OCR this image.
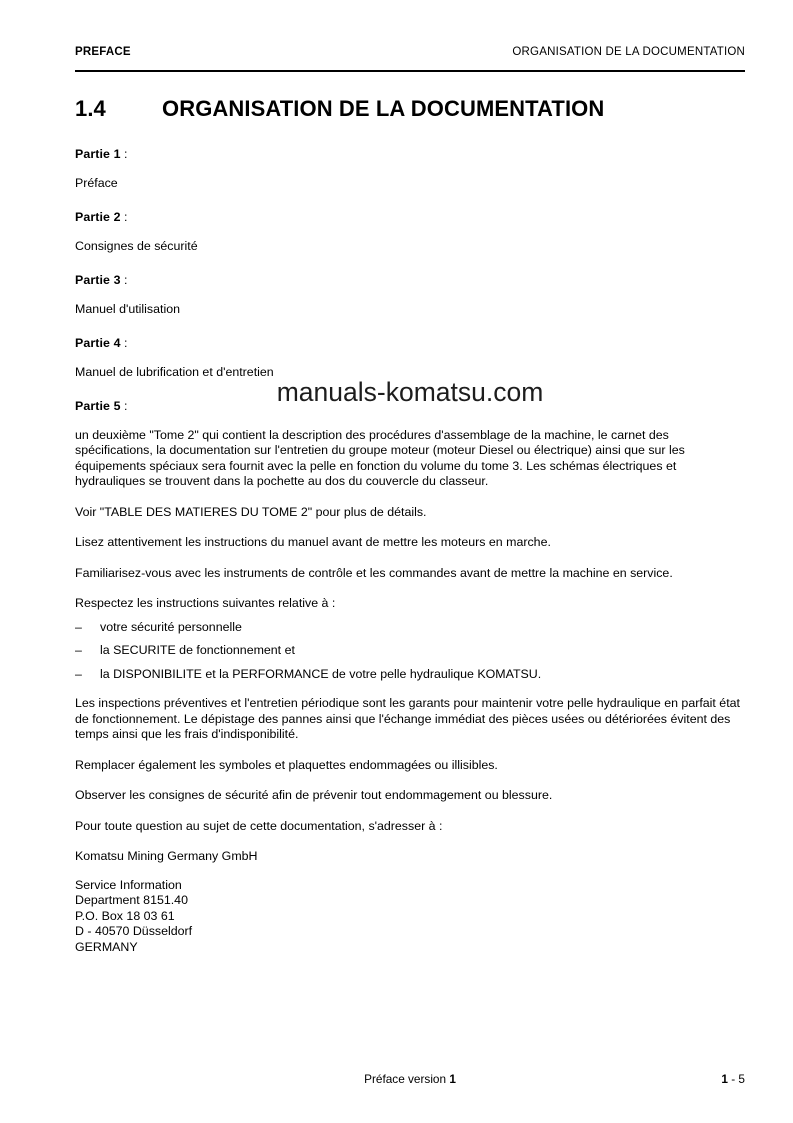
PREFACE	ORGANISATION DE LA DOCUMENTATION
1.4	ORGANISATION DE LA DOCUMENTATION

Partie 1 :

Préface

Partie 2 :

Consignes de sécurité

Partie 3 :

Manuel d'utilisation

Partie 4 :

Manuel de lubrification et d'entretien

Partie 5 :

un deuxième "Tome 2" qui contient la description des procédures d'assemblage de la machine, le carnet des spécifications, la documentation sur l'entretien du groupe moteur (moteur Diesel ou électrique) ainsi que sur les équipements spéciaux sera fournit avec la pelle en fonction du volume du tome 3. Les schémas électriques et hydrauliques se trouvent dans la pochette au dos du couvercle du classeur.

Voir "TABLE DES MATIERES DU TOME 2" pour plus de détails.

Lisez attentivement les instructions du manuel avant de mettre les moteurs en marche.

Familiarisez-vous avec les instruments de contrôle et les commandes avant de mettre la machine en service.

Respectez les instructions suivantes relative à :

–	votre sécurité personnelle
–	la SECURITE de fonctionnement et
–	la DISPONIBILITE et la PERFORMANCE de votre pelle hydraulique KOMATSU.

Les inspections préventives et l'entretien périodique sont les garants pour maintenir votre pelle hydraulique en parfait état de fonctionnement. Le dépistage des pannes ainsi que l'échange immédiat des pièces usées ou détériorées évitent des temps ainsi que les frais d'indisponibilité.

Remplacer également les symboles et plaquettes endommagées ou illisibles.

Observer les consignes de sécurité afin de prévenir tout endommagement ou blessure.

Pour toute question au sujet de cette documentation, s'adresser à :

Komatsu Mining Germany GmbH

Service Information

Department 8151.40

P.O. Box 18 03 61

D - 40570 Düsseldorf

GERMANY

manuals-komatsu.com
Préface version 1	1 - 5
